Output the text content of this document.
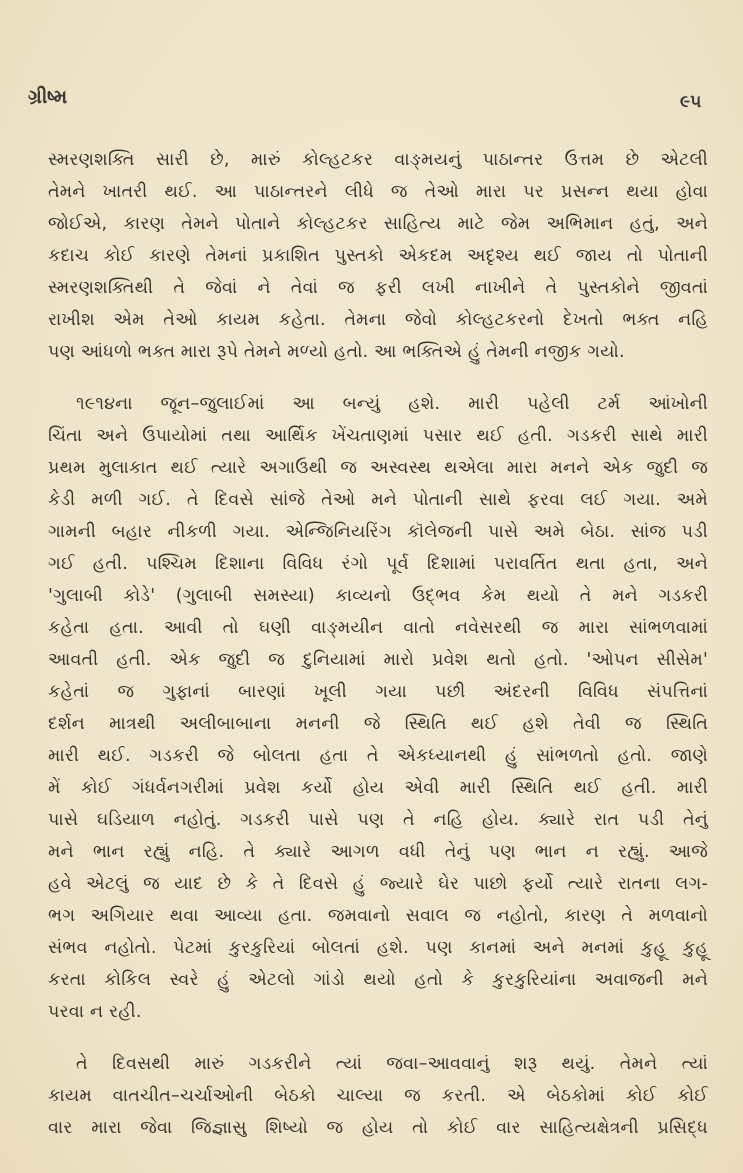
ગ્રીષ્મ	૯૫
સ્મરણશક્તિ સારી છે, મારું કોલ્હટકર વાઙ્મયનું પાઠાન્તર ઉત્તમ છે એટલી
તેમને ખાતરી થઈ. આ પાઠાન્તરને લીધે જ તેઓ મારા પર પ્રસન્ન થયા હોવા
જોઈએ, કારણ તેમને પોતાને કોલ્હટકર સાહિત્ય માટે જેમ અભિમાન હતું, અને
કદાચ કોઈ કારણે તેમનાં પ્રકાશિત પુસ્તકો એકદમ અદૃશ્ય થઈ જાય તો પોતાની
સ્મરણશક્તિથી તે જેવાં ને તેવાં જ ફરી લખી નાખીને તે પુસ્તકોને જીવતાં
રાખીશ એમ તેઓ કાયમ કહેતા. તેમના જેવો કોલ્હટકરનો દેખતો ભક્ત નહિ
પણ આંધળો ભક્ત મારા રૂપે તેમને મળ્યો હતો. આ ભક્તિએ હું તેમની નજીક ગયો.
૧૯૧૪ના જૂન–જુલાઈમાં આ બન્યું હશે. મારી પહેલી ટર્મ આંખોની
ચિંતા અને ઉપાયોમાં તથા આર્થિક ખેંચતાણમાં પસાર થઈ હતી. ગડકરી સાથે મારી
પ્રથમ મુલાકાત થઈ ત્યારે અગાઉથી જ અસ્વસ્થ થએલા મારા મનને એક જુદી જ
કેડી મળી ગઈ. તે દિવસે સાંજે તેઓ મને પોતાની સાથે ફરવા લઈ ગયા. અમે
ગામની બહાર નીકળી ગયા. એન્જિનિયરિંગ કૉલેજની પાસે અમે બેઠા. સાંજ પડી
ગઈ હતી. પશ્ચિમ દિશાના વિવિધ રંગો પૂર્વ દિશામાં પરાવર્તિત થતા હતા, અને
'ગુલાબી કોડે' (ગુલાબી સમસ્યા) કાવ્યનો ઉદ્ભવ કેમ થયો તે મને ગડકરી
કહેતા હતા. આવી તો ઘણી વાઙ્મયીન વાતો નવેસરથી જ મારા સાંભળવામાં
આવતી હતી. એક જુદી જ દુનિયામાં મારો પ્રવેશ થતો હતો. 'ઓપન સીસેમ'
કહેતાં જ ગુફાનાં બારણાં ખૂલી ગયા પછી અંદરની વિવિધ સંપત્તિનાં
દર્શન માત્રથી અલીબાબાના મનની જે સ્થિતિ થઈ હશે તેવી જ સ્થિતિ
મારી થઈ. ગડકરી જે બોલતા હતા તે એકધ્યાનથી હું સાંભળતો હતો. જાણે
મેં કોઈ ગંધર્વનગરીમાં પ્રવેશ કર્યો હોય એવી મારી સ્થિતિ થઈ હતી. મારી
પાસે ઘડિયાળ નહોતું. ગડકરી પાસે પણ તે નહિ હોય. ક્યારે રાત પડી તેનું
મને ભાન રહ્યું નહિ. તે ક્યારે આગળ વધી તેનું પણ ભાન ન રહ્યું. આજે
હવે એટલું જ યાદ છે કે તે દિવસે હું જ્યારે ઘેર પાછો ફર્યો ત્યારે રાતના લગ-
ભગ અગિયાર થવા આવ્યા હતા. જમવાનો સવાલ જ નહોતો, કારણ તે મળવાનો
સંભવ નહોતો. પેટમાં કુરકુરિયાં બોલતાં હશે. પણ કાનમાં અને મનમાં કુહૂ કુહૂ
કરતા કોકિલ સ્વરે હું એટલો ગાંડો થયો હતો કે કુરકુરિયાંના અવાજની મને
પરવા ન રહી.
તે દિવસથી મારું ગડકરીને ત્યાં જવા–આવવાનું શરૂ થયું. તેમને ત્યાં
કાયમ વાતચીત–ચર્ચાઓની બેઠકો ચાલ્યા જ કરતી. એ બેઠકોમાં કોઈ કોઈ
વાર મારા જેવા જિજ્ઞાસુ શિષ્યો જ હોય તો કોઈ વાર સાહિત્યક્ષેત્રની પ્રસિદ્ધ
